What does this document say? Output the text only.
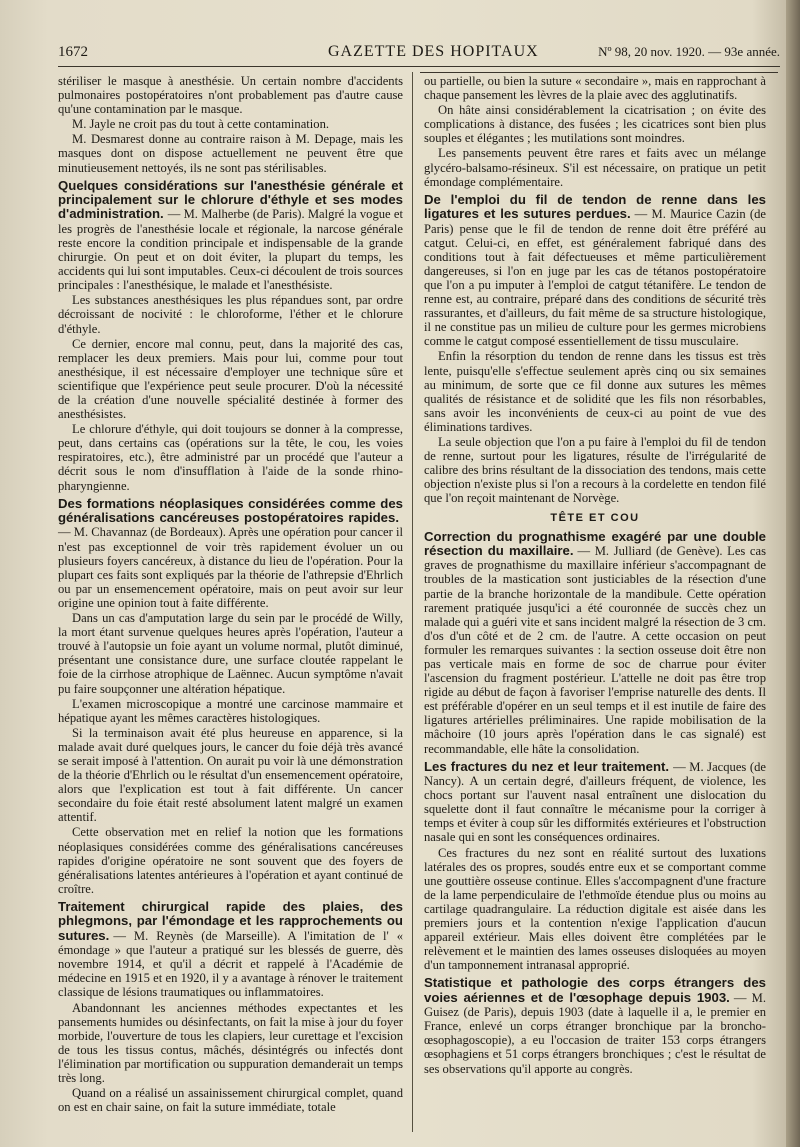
1672	GAZETTE DES HOPITAUX	Nº 98, 20 nov. 1920. — 93e année.

stériliser le masque à anesthésie. Un certain nombre d'accidents pulmonaires postopératoires n'ont probablement pas d'autre cause qu'une contamination par le masque.

M. Jayle ne croit pas du tout à cette contamination.

M. Desmarest donne au contraire raison à M. Depage, mais les masques dont on dispose actuellement ne peuvent être que minutieusement nettoyés, ils ne sont pas stérilisables.

Quelques considérations sur l'anesthésie générale et principalement sur le chlorure d'éthyle et ses modes d'administration. — M. Malherbe (de Paris). Malgré la vogue et les progrès de l'anesthésie locale et régionale, la narcose générale reste encore la condition principale et indispensable de la grande chirurgie. On peut et on doit éviter, la plupart du temps, les accidents qui lui sont imputables. Ceux-ci découlent de trois sources principales : l'anesthésique, le malade et l'anesthésiste.

Les substances anesthésiques les plus répandues sont, par ordre décroissant de nocivité : le chloroforme, l'éther et le chlorure d'éthyle.

Ce dernier, encore mal connu, peut, dans la majorité des cas, remplacer les deux premiers. Mais pour lui, comme pour tout anesthésique, il est nécessaire d'employer une technique sûre et scientifique que l'expérience peut seule procurer. D'où la nécessité de la création d'une nouvelle spécialité destinée à former des anesthésistes.

Le chlorure d'éthyle, qui doit toujours se donner à la compresse, peut, dans certains cas (opérations sur la tête, le cou, les voies respiratoires, etc.), être administré par un procédé que l'auteur a décrit sous le nom d'insufflation à l'aide de la sonde rhino-pharyngienne.

Des formations néoplasiques considérées comme des généralisations cancéreuses postopératoires rapides.— M. Chavannaz (de Bordeaux). Après une opération pour cancer il n'est pas exceptionnel de voir très rapidement évoluer un ou plusieurs foyers cancéreux, à distance du lieu de l'opération. Pour la plupart ces faits sont expliqués par la théorie de l'athrepsie d'Ehrlich ou par un ensemencement opératoire, mais on peut avoir sur leur origine une opinion tout à faite différente.

Dans un cas d'amputation large du sein par le procédé de Willy, la mort étant survenue quelques heures après l'opération, l'auteur a trouvé à l'autopsie un foie ayant un volume normal, plutôt diminué, présentant une consistance dure, une surface cloutée rappelant le foie de la cirrhose atrophique de Laënnec. Aucun symptôme n'avait pu faire soupçonner une altération hépatique.

L'examen microscopique a montré une carcinose mammaire et hépatique ayant les mêmes caractères histologiques.

Si la terminaison avait été plus heureuse en apparence, si la malade avait duré quelques jours, le cancer du foie déjà très avancé se serait imposé à l'attention. On aurait pu voir là une démonstration de la théorie d'Ehrlich ou le résultat d'un ensemencement opératoire, alors que l'explication est tout à fait différente. Un cancer secondaire du foie était resté absolument latent malgré un examen attentif.

Cette observation met en relief la notion que les formations néoplasiques considérées comme des généralisations cancéreuses rapides d'origine opératoire ne sont souvent que des foyers de généralisations latentes antérieures à l'opération et ayant continué de croître.

Traitement chirurgical rapide des plaies, des phlegmons, par l'émondage et les rapprochements ou sutures. — M. Reynès (de Marseille). A l'imitation de l' « émondage » que l'auteur a pratiqué sur les blessés de guerre, dès novembre 1914, et qu'il a décrit et rappelé à l'Académie de médecine en 1915 et en 1920, il y a avantage à rénover le traitement classique de lésions traumatiques ou inflammatoires.

Abandonnant les anciennes méthodes expectantes et les pansements humides ou désinfectants, on fait la mise à jour du foyer morbide, l'ouverture de tous les clapiers, leur curettage et l'excision de tous les tissus contus, mâchés, désintégrés ou infectés dont l'élimination par mortification ou suppuration demanderait un temps très long.

Quand on a réalisé un assainissement chirurgical complet, quand on est en chair saine, on fait la suture immédiate, totale

ou partielle, ou bien la suture « secondaire », mais en rapprochant à chaque pansement les lèvres de la plaie avec des agglutinatifs.

On hâte ainsi considérablement la cicatrisation ; on évite des complications à distance, des fusées ; les cicatrices sont bien plus souples et élégantes ; les mutilations sont moindres.

Les pansements peuvent être rares et faits avec un mélange glycéro-balsamo-résineux. S'il est nécessaire, on pratique un petit émondage complémentaire.

De l'emploi du fil de tendon de renne dans les ligatures et les sutures perdues. — M. Maurice Cazin (de Paris) pense que le fil de tendon de renne doit être préféré au catgut. Celui-ci, en effet, est généralement fabriqué dans des conditions tout à fait défectueuses et même particulièrement dangereuses, si l'on en juge par les cas de tétanos postopératoire que l'on a pu imputer à l'emploi de catgut tétanifère. Le tendon de renne est, au contraire, préparé dans des conditions de sécurité très rassurantes, et d'ailleurs, du fait même de sa structure histologique, il ne constitue pas un milieu de culture pour les germes microbiens comme le catgut composé essentiellement de tissu musculaire.

Enfin la résorption du tendon de renne dans les tissus est très lente, puisqu'elle s'effectue seulement après cinq ou six semaines au minimum, de sorte que ce fil donne aux sutures les mêmes qualités de résistance et de solidité que les fils non résorbables, sans avoir les inconvénients de ceux-ci au point de vue des éliminations tardives.

La seule objection que l'on a pu faire à l'emploi du fil de tendon de renne, surtout pour les ligatures, résulte de l'irrégularité de calibre des brins résultant de la dissociation des tendons, mais cette objection n'existe plus si l'on a recours à la cordelette en tendon filé que l'on reçoit maintenant de Norvège.

TÊTE ET COU

Correction du prognathisme exagéré par une double résection du maxillaire. — M. Julliard (de Genève). Les cas graves de prognathisme du maxillaire inférieur s'accompagnant de troubles de la mastication sont justiciables de la résection d'une partie de la branche horizontale de la mandibule. Cette opération rarement pratiquée jusqu'ici a été couronnée de succès chez un malade qui a guéri vite et sans incident malgré la résection de 3 cm. d'os d'un côté et de 2 cm. de l'autre. A cette occasion on peut formuler les remarques suivantes : la section osseuse doit être non pas verticale mais en forme de soc de charrue pour éviter l'ascension du fragment postérieur. L'attelle ne doit pas être trop rigide au début de façon à favoriser l'emprise naturelle des dents. Il est préférable d'opérer en un seul temps et il est inutile de faire des ligatures artérielles préliminaires. Une rapide mobilisation de la mâchoire (10 jours après l'opération dans le cas signalé) est recommandable, elle hâte la consolidation.

Les fractures du nez et leur traitement. — M. Jacques (de Nancy). A un certain degré, d'ailleurs fréquent, de violence, les chocs portant sur l'auvent nasal entraînent une dislocation du squelette dont il faut connaître le mécanisme pour la corriger à temps et éviter à coup sûr les difformités extérieures et l'obstruction nasale qui en sont les conséquences ordinaires.

Ces fractures du nez sont en réalité surtout des luxations latérales des os propres, soudés entre eux et se comportant comme une gouttière osseuse continue. Elles s'accompagnent d'une fracture de la lame perpendiculaire de l'ethmoïde étendue plus ou moins au cartilage quadrangulaire. La réduction digitale est aisée dans les premiers jours et la contention n'exige l'application d'aucun appareil extérieur. Mais elles doivent être complétées par le relèvement et le maintien des lames osseuses disloquées au moyen d'un tamponnement intranasal approprié.

Statistique et pathologie des corps étrangers des voies aériennes et de l'œsophage depuis 1903. — M. Guisez (de Paris), depuis 1903 (date à laquelle il a, le premier en France, enlevé un corps étranger bronchique par la broncho-œsophagoscopie), a eu l'occasion de traiter 153 corps étrangers œsophagiens et 51 corps étrangers bronchiques ; c'est le résultat de ses observations qu'il apporte au congrès.
